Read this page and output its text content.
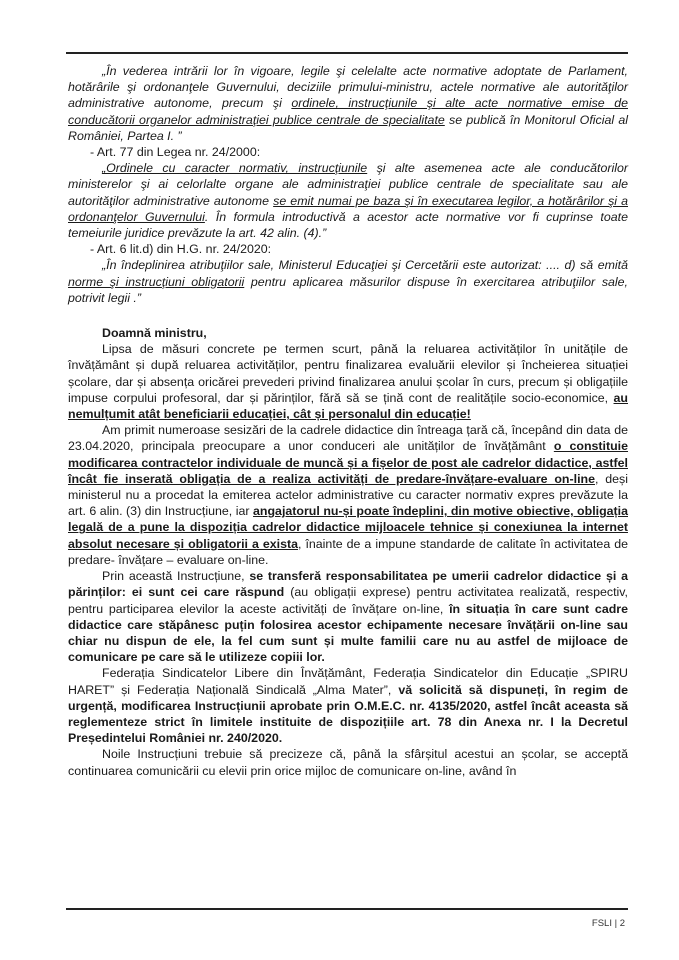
„În vederea intrării lor în vigoare, legile şi celelalte acte normative adoptate de Parlament, hotărârile şi ordonanţele Guvernului, deciziile primului-ministru, actele normative ale autorităţilor administrative autonome, precum şi ordinele, instrucţiunile şi alte acte normative emise de conducătorii organelor administraţiei publice centrale de specialitate se publică în Monitorul Oficial al României, Partea I. ”

- Art. 77 din Legea nr. 24/2000:

„Ordinele cu caracter normativ, instrucţiunile şi alte asemenea acte ale conducătorilor ministerelor şi ai celorlalte organe ale administraţiei publice centrale de specialitate sau ale autorităţilor administrative autonome se emit numai pe baza şi în executarea legilor, a hotărârilor şi a ordonanţelor Guvernului. În formula introductivă a acestor acte normative vor fi cuprinse toate temeiurile juridice prevăzute la art. 42 alin. (4).”

- Art. 6 lit.d) din H.G. nr. 24/2020:

„În îndeplinirea atribuţiilor sale, Ministerul Educaţiei şi Cercetării este autorizat: .... d) să emită norme şi instrucţiuni obligatorii pentru aplicarea măsurilor dispuse în exercitarea atribuţiilor sale, potrivit legii .”

Doamnă ministru,

Lipsa de măsuri concrete pe termen scurt, până la reluarea activităților în unitățile de învățământ și după reluarea activităților, pentru finalizarea evaluării elevilor și încheierea situației școlare, dar și absența oricărei prevederi privind finalizarea anului școlar în curs, precum și obligațiile impuse corpului profesoral, dar și părinților, fără să se țină cont de realitățile socio-economice, au nemulțumit atât beneficiarii educației, cât și personalul din educație!

Am primit numeroase sesizări de la cadrele didactice din întreaga țară că, începând din data de 23.04.2020, principala preocupare a unor conduceri ale unităților de învățământ o constituie modificarea contractelor individuale de muncă și a fișelor de post ale cadrelor didactice, astfel încât fie inserată obligația de a realiza activități de predare-învățare-evaluare on-line, deși ministerul nu a procedat la emiterea actelor administrative cu caracter normativ expres prevăzute la art. 6 alin. (3) din Instrucțiune, iar angajatorul nu-și poate îndeplini, din motive obiective, obligația legală de a pune la dispoziția cadrelor didactice mijloacele tehnice și conexiunea la internet absolut necesare și obligatorii a exista, înainte de a impune standarde de calitate în activitatea de predare- învățare – evaluare on-line.

Prin această Instrucțiune, se transferă responsabilitatea pe umerii cadrelor didactice și a părinților: ei sunt cei care răspund (au obligații exprese) pentru activitatea realizată, respectiv, pentru participarea elevilor la aceste activități de învățare on-line, în situația în care sunt cadre didactice care stăpânesc puțin folosirea acestor echipamente necesare învățării on-line sau chiar nu dispun de ele, la fel cum sunt și multe familii care nu au astfel de mijloace de comunicare pe care să le utilizeze copiii lor.

Federația Sindicatelor Libere din Învățământ, Federația Sindicatelor din Educație „SPIRU HARET” și Federația Națională Sindicală „Alma Mater”, vă solicită să dispuneți, în regim de urgență, modificarea Instrucțiunii aprobate prin O.M.E.C. nr. 4135/2020, astfel încât aceasta să reglementeze strict în limitele instituite de dispozițiile art. 78 din Anexa nr. I la Decretul Președintelui României nr. 240/2020.

Noile Instrucțiuni trebuie să precizeze că, până la sfârșitul acestui an școlar, se acceptă continuarea comunicării cu elevii prin orice mijloc de comunicare on-line, având în

FSLI | 2
